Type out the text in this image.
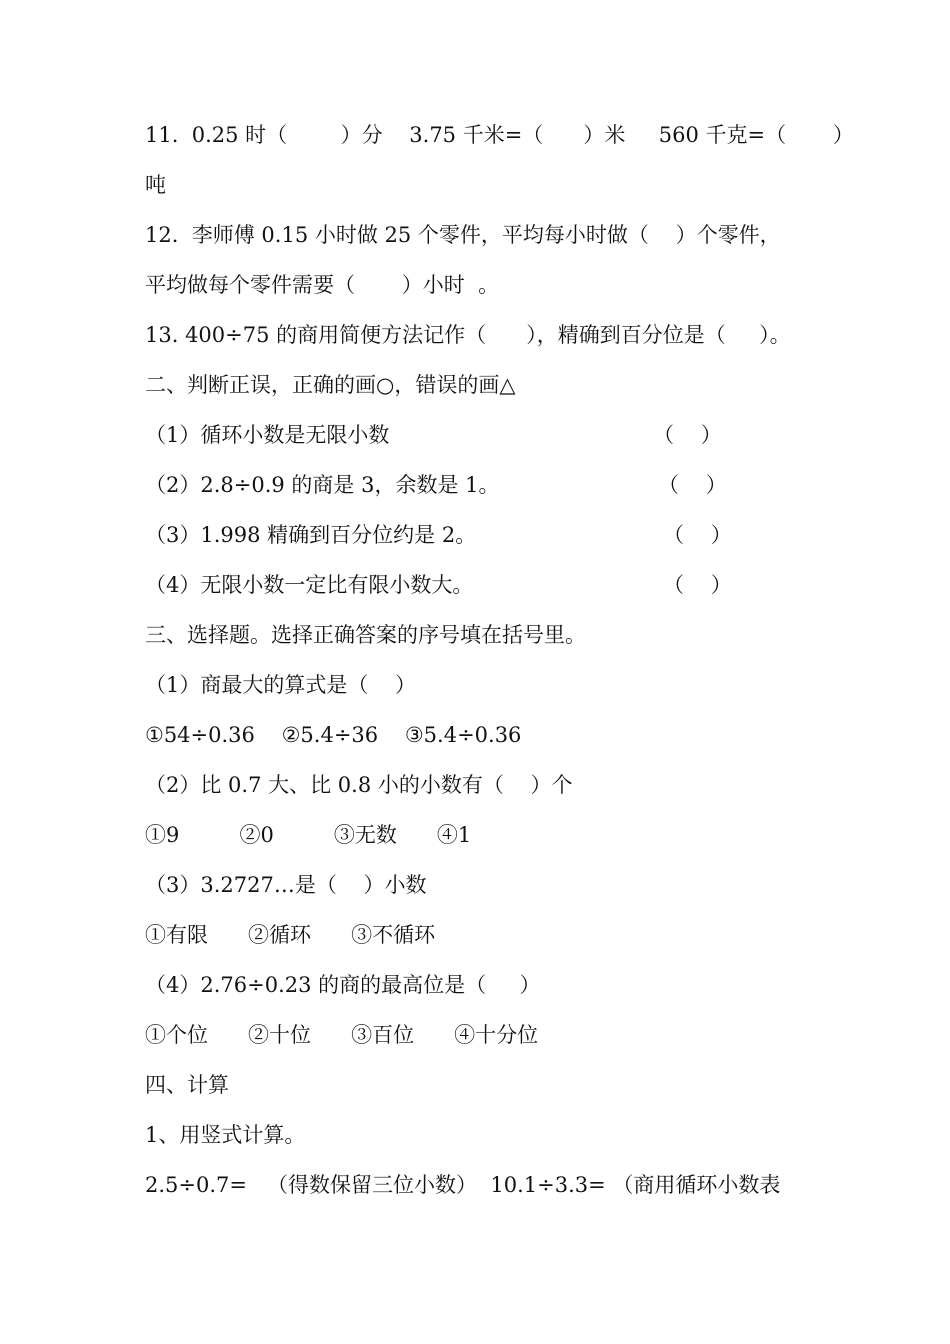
11.  0.25 时（        ）分    3.75 千米=（      ）米     560 千克=（       ）
吨
12.  李师傅 0.15 小时做 25 个零件，平均每小时做（    ）个零件，
平均做每个零件需要（       ）小时  。
13. 400÷75 的商用简便方法记作（      ），精确到百分位是（     ）。
二、判断正误，正确的画○，错误的画△

（1）循环小数是无限小数

	（    ）

（2）2.8÷0.9 的商是 3，余数是 1。

	（    ）

（3）1.998 精确到百分位约是 2。

	（    ）

（4）无限小数一定比有限小数大。

	（    ）

三、选择题。选择正确答案的序号填在括号里。
（1）商最大的算式是（    ）
①54÷0.36    ②5.4÷36    ③5.4÷0.36
（2）比 0.7 大、比 0.8 小的小数有（    ）个
①9         ②0         ③无数      ④1
（3）3.2727…是（    ）小数
①有限      ②循环      ③不循环
（4）2.76÷0.23 的商的最高位是（     ）
①个位      ②十位      ③百位      ④十分位
四、计算
1、用竖式计算。
2.5÷0.7=   （得数保留三位小数）  10.1÷3.3= （商用循环小数表
